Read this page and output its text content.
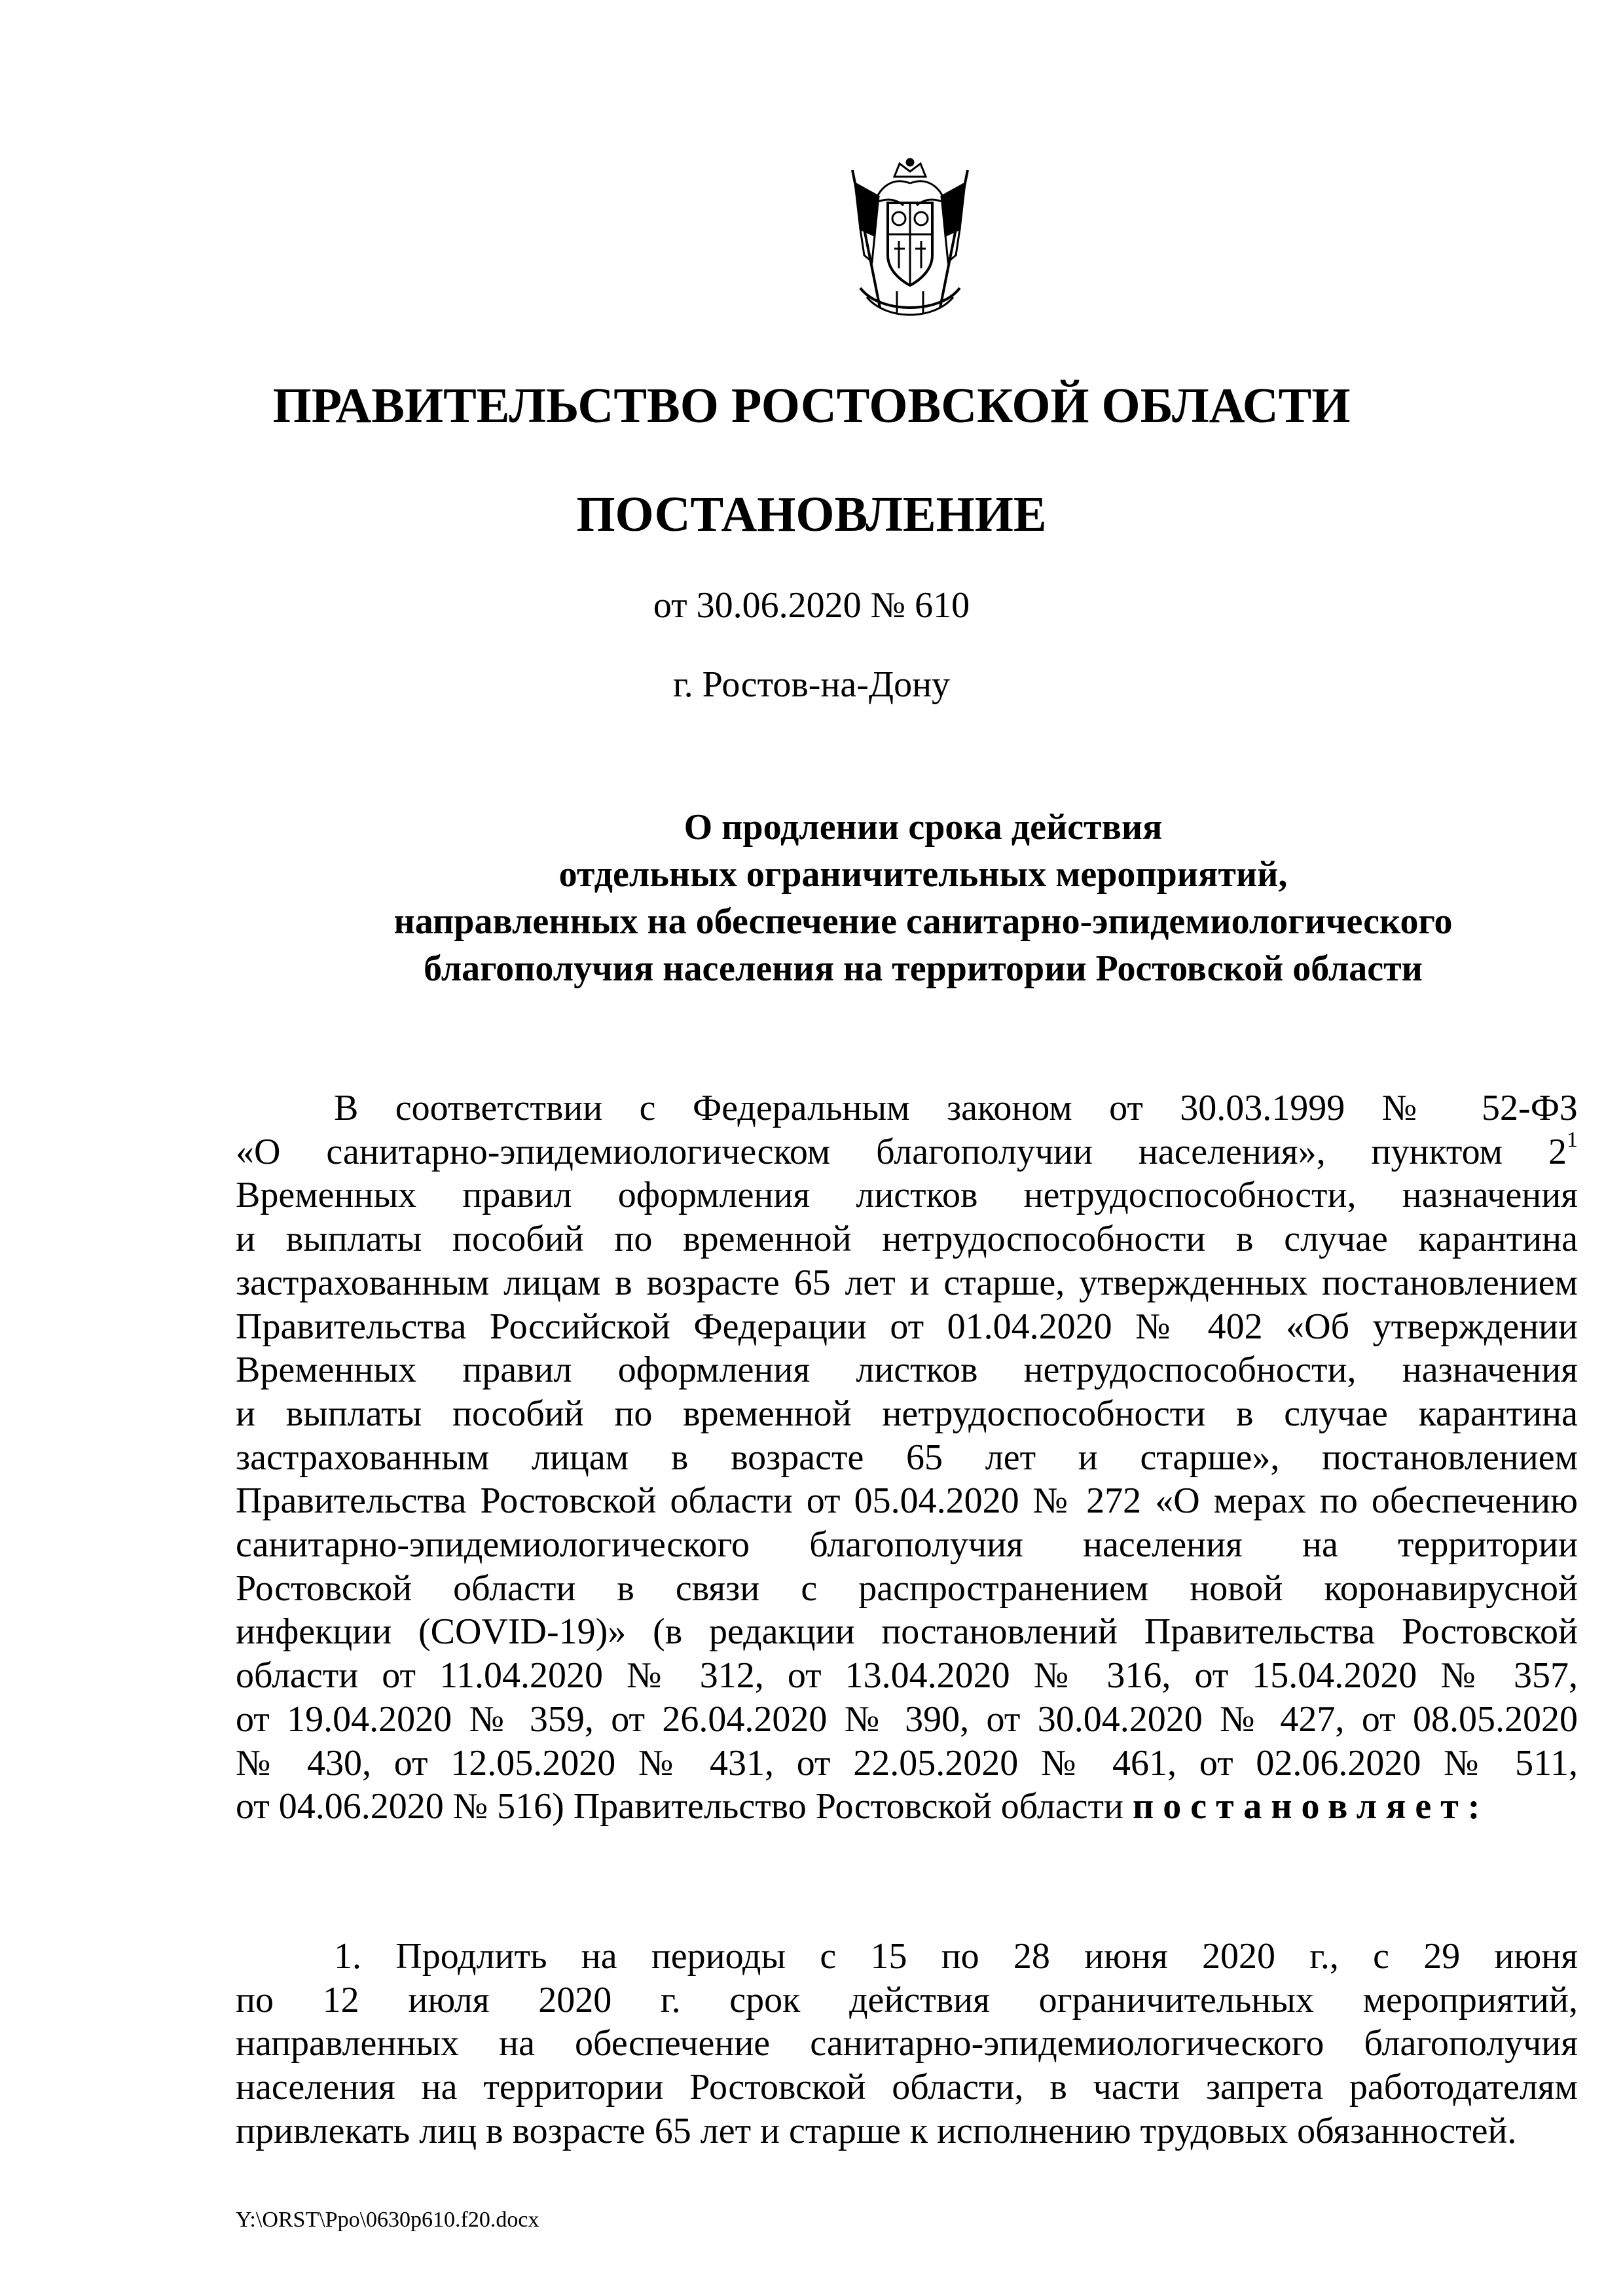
ПРАВИТЕЛЬСТВО РОСТОВСКОЙ ОБЛАСТИ
ПОСТАНОВЛЕНИЕ
от 30.06.2020 № 610
г. Ростов-на-Дону
О продлении срока действия
отдельных ограничительных мероприятий,
направленных на обеспечение санитарно-эпидемиологического
благополучия населения на территории Ростовской области
В соответствии с Федеральным законом от 30.03.1999 № 52-ФЗ
«О санитарно-эпидемиологическом благополучии населения», пунктом $2^1$
Временных правил оформления листков нетрудоспособности, назначения
и выплаты пособий по временной нетрудоспособности в случае карантина
застрахованным лицам в возрасте 65 лет и старше, утвержденных постановлением
Правительства Российской Федерации от 01.04.2020 № 402 «Об утверждении
Временных правил оформления листков нетрудоспособности, назначения
и выплаты пособий по временной нетрудоспособности в случае карантина
застрахованным лицам в возрасте 65 лет и старше», постановлением
Правительства Ростовской области от 05.04.2020 № 272 «О мерах по обеспечению
санитарно-эпидемиологического благополучия населения на территории
Ростовской области в связи с распространением новой коронавирусной
инфекции (COVID-19)» (в редакции постановлений Правительства Ростовской
области от 11.04.2020 № 312, от 13.04.2020 № 316, от 15.04.2020 № 357,
от 19.04.2020 № 359, от 26.04.2020 № 390, от 30.04.2020 № 427, от 08.05.2020
№ 430, от 12.05.2020 № 431, от 22.05.2020 № 461, от 02.06.2020 № 511,
от 04.06.2020 № 516) Правительство Ростовской области постановляет:
1. Продлить на периоды с 15 по 28 июня 2020 г., с 29 июня
по 12 июля 2020 г. срок действия ограничительных мероприятий,
направленных на обеспечение санитарно-эпидемиологического благополучия
населения на территории Ростовской области, в части запрета работодателям
привлекать лиц в возрасте 65 лет и старше к исполнению трудовых обязанностей.
Y:\ORST\Ppo\0630p610.f20.docx
